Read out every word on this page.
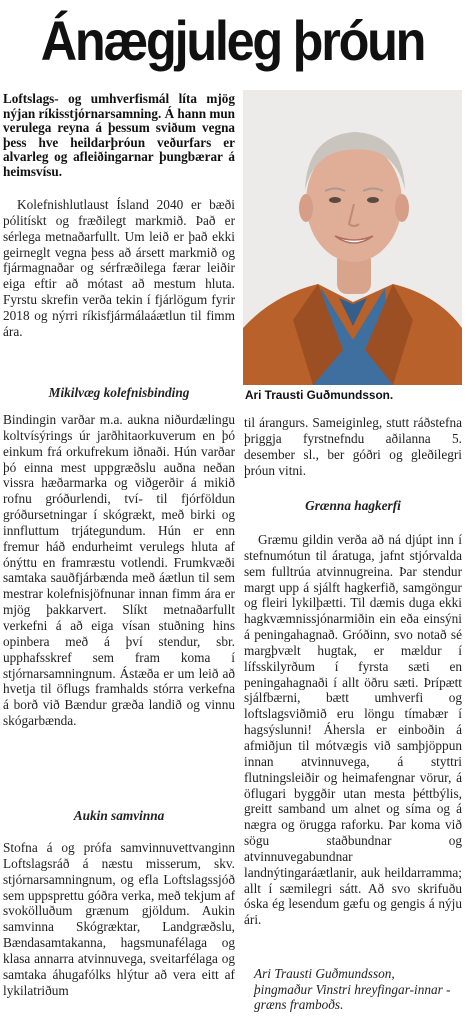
Ánægjuleg þróun
Loftslags- og umhverfismál líta mjög nýjan ríkisstjórnarsamning. Á hann mun verulega reyna á þessum sviðum vegna þess hve heildarþróun veðurfars er alvarleg og afleiðingarnar þungbærar á heimsvísu.
Kolefnishlutlaust Ísland 2040 er bæði pólitískt og fræðilegt markmið. Það er sérlega metnaðarfullt. Um leið er það ekki geirneglt vegna þess að ársett markmið og fjármagnaðar og sérfræðilega færar leiðir eiga eftir að mótast að mestum hluta. Fyrstu skrefin verða tekin í fjárlögum fyrir 2018 og nýrri ríkisfjármálaáætlun til fimm ára.
Mikilvæg kolefnisbinding
Bindingin varðar m.a. aukna niðurdælingu koltvísýrings úr jarðhitaorkuverum en þó einkum frá orkufrekum iðnaði. Hún varðar þó einna mest uppgræðslu auðna neðan vissra hæðarmarka og viðgerðir á mikið rofnu gróðurlendi, tví- til fjórföldun gróðursetningar í skógrækt, með birki og innfluttum trjátegundum. Hún er enn fremur háð endurheimt verulegs hluta af ónýttu en framræstu votlendi. Frumkvæði samtaka sauðfjárbænda með áætlun til sem mestrar kolefnisjöfnunar innan fimm ára er mjög þakkarvert. Slíkt metnaðarfullt verkefni á að eiga vísan stuðning hins opinbera með á því stendur, sbr. upphafsskref sem fram koma í stjórnarsamningnum. Ástæða er um leið að hvetja til öflugs framhalds stórra verkefna á borð við Bændur græða landið og vinnu skógarbænda.
Aukin samvinna
Stofna á og prófa samvinnuvettvanginn Loftslagsráð á næstu misserum, skv. stjórnarsamningnum, og efla Loftslagssjóð sem uppsprettu góðra verka, með tekjum af svokölluðum grænum gjöldum. Aukin samvinna Skógræktar, Landgræðslu, Bændasamtakanna, hagsmunafélaga og klasa annarra atvinnuvega, sveitarfélaga og samtaka áhugafólks hlýtur að vera eitt af lykilatriðum
Ari Trausti Guðmundsson.
til árangurs. Sameiginleg, stutt ráðstefna þriggja fyrstnefndu aðilanna 5. desember sl., ber góðri og gleðilegri þróun vitni.
Grænna hagkerfi
Græmu gildin verða að ná djúpt inn í stefnumótun til áratuga, jafnt stjórvalda sem fulltrúa atvinnugreina. Þar stendur margt upp á sjálft hagkerfið, samgöngur og fleiri lykilþætti. Til dæmis duga ekki hagkvæmnissjónarmiðin ein eða einsýni á peningahagnað. Gróðinn, svo notað sé margþvælt hugtak, er mældur í lífsskilyrðum í fyrsta sæti en peningahagnaði í allt öðru sæti. Þrípætt sjálfbærni, bætt umhverfi og loftslagsviðmið eru löngu tímabær í hagsýslunni! Áhersla er einboðin á afmiðjun til mótvægis við samþjöppun innan atvinnuvega, á styttri flutningsleiðir og heimafengnar vörur, á öflugari byggðir utan mesta þéttbýlis, greitt samband um alnet og síma og á nægra og örugga raforku. Þar koma við sögu staðbundnar og atvinnuvegabundnar landnýtingaráætlanir, auk heildarramma; allt í sæmilegri sátt. Að svo skrifuðu óska ég lesendum gæfu og gengis á nýju ári.
Ari Trausti Guðmundsson,
þingmaður Vinstri hreyfingar-innar - græns framboðs.
